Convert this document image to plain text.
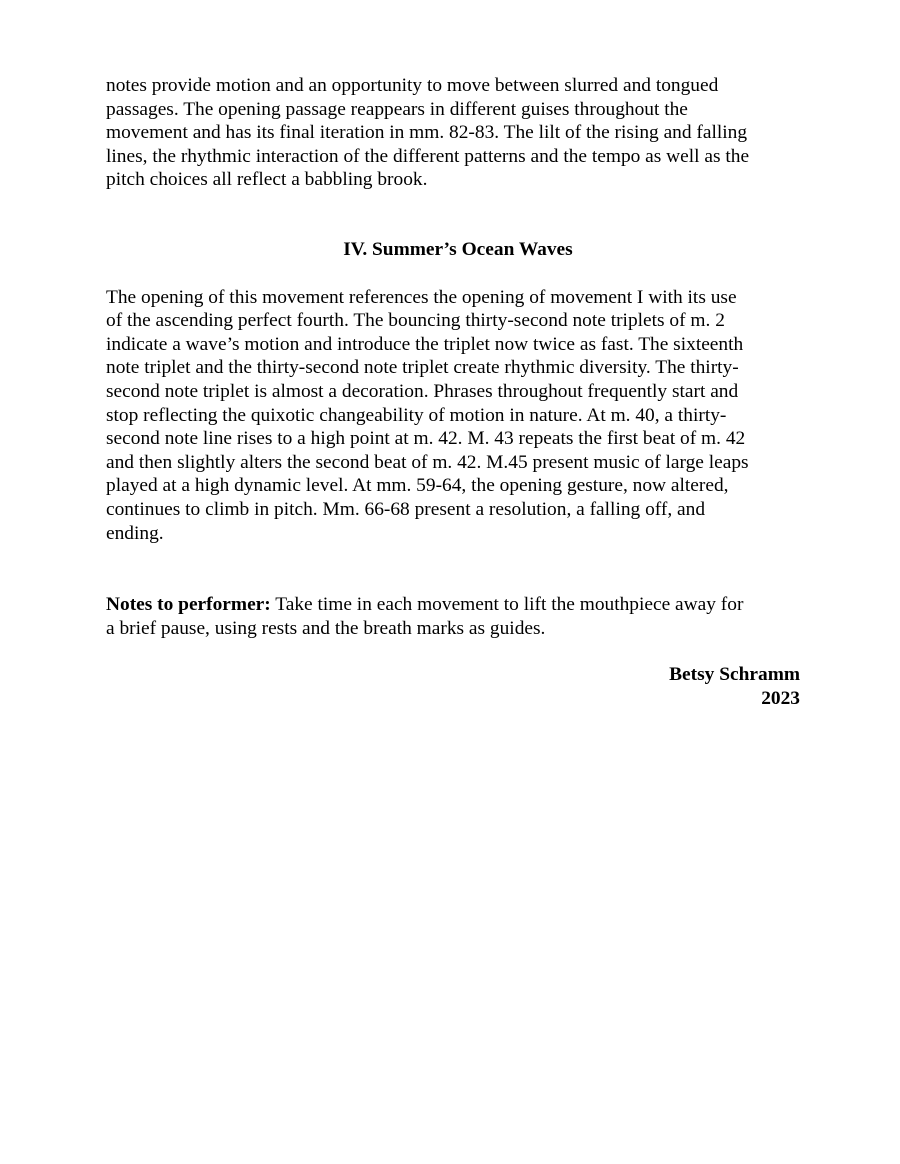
notes provide motion and an opportunity to move between slurred and tongued
passages. The opening passage reappears in different guises throughout the
movement and has its final iteration in mm. 82-83. The lilt of the rising and falling
lines, the rhythmic interaction of the different patterns and the tempo as well as the
pitch choices all reflect a babbling brook.

IV. Summer’s Ocean Waves

The opening of this movement references the opening of movement I with its use
of the ascending perfect fourth. The bouncing thirty-second note triplets of m. 2
indicate a wave’s motion and introduce the triplet now twice as fast. The sixteenth
note triplet and the thirty-second note triplet create rhythmic diversity. The thirty-
second note triplet is almost a decoration. Phrases throughout frequently start and
stop reflecting the quixotic changeability of motion in nature. At m. 40, a thirty-
second note line rises to a high point at m. 42. M. 43 repeats the first beat of m. 42
and then slightly alters the second beat of m. 42. M.45 present music of large leaps
played at a high dynamic level. At mm. 59-64, the opening gesture, now altered,
continues to climb in pitch. Mm. 66-68 present a resolution, a falling off, and
ending.

Notes to performer: Take time in each movement to lift the mouthpiece away for
a brief pause, using rests and the breath marks as guides.

Betsy Schramm

2023
